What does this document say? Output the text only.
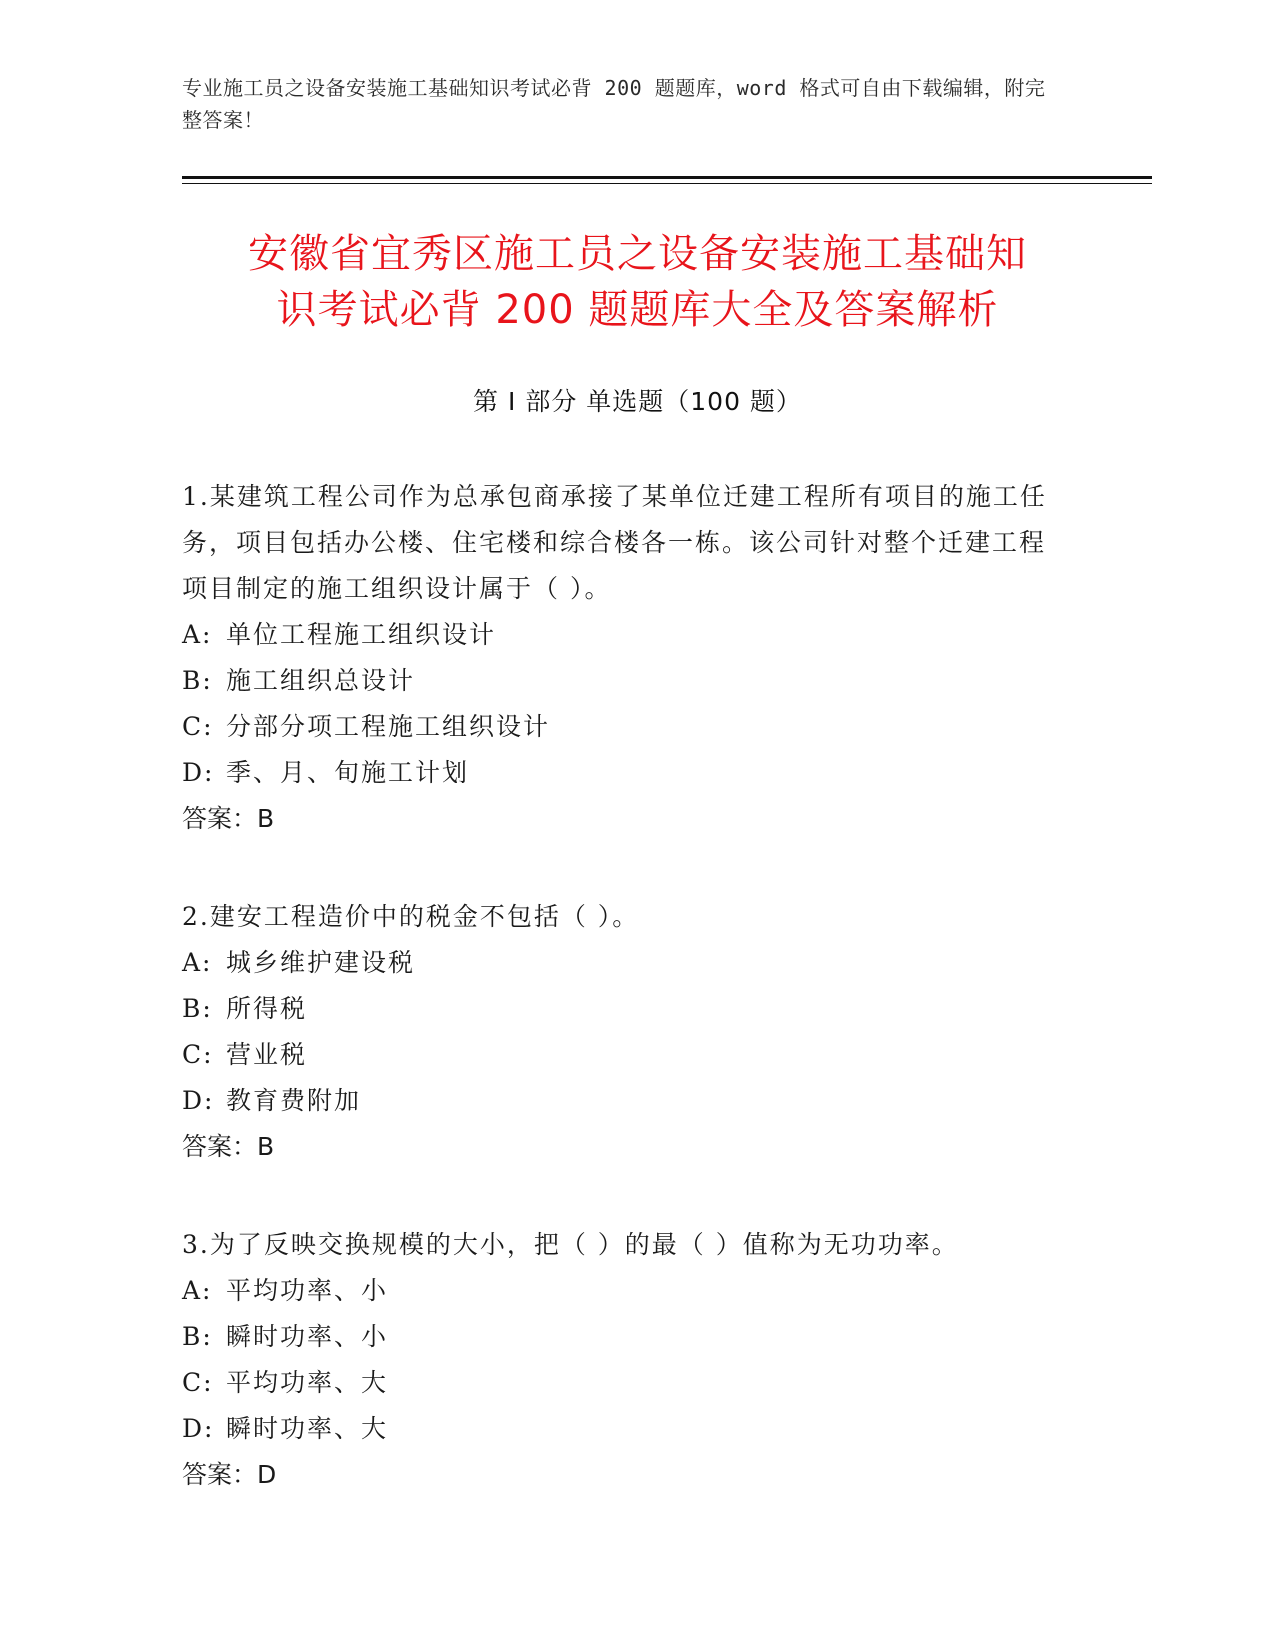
专业施工员之设备安装施工基础知识考试必背 200 题题库，word 格式可自由下载编辑，附完整答案！
安徽省宜秀区施工员之设备安装施工基础知
识考试必背 200 题题库大全及答案解析
第 I 部分 单选题（100 题）

1.某建筑工程公司作为总承包商承接了某单位迁建工程所有项目的施工任务，项目包括办公楼、住宅楼和综合楼各一栋。该公司针对整个迁建工程项目制定的施工组织设计属于（ ）。

A: 单位工程施工组织设计

B: 施工组织总设计

C: 分部分项工程施工组织设计

D: 季、月、旬施工计划

答案：B

2.建安工程造价中的税金不包括（ ）。

A: 城乡维护建设税

B: 所得税

C: 营业税

D: 教育费附加

答案：B

3.为了反映交换规模的大小，把（ ）的最（ ）值称为无功功率。

A: 平均功率、小

B: 瞬时功率、小

C: 平均功率、大

D: 瞬时功率、大

答案：D
